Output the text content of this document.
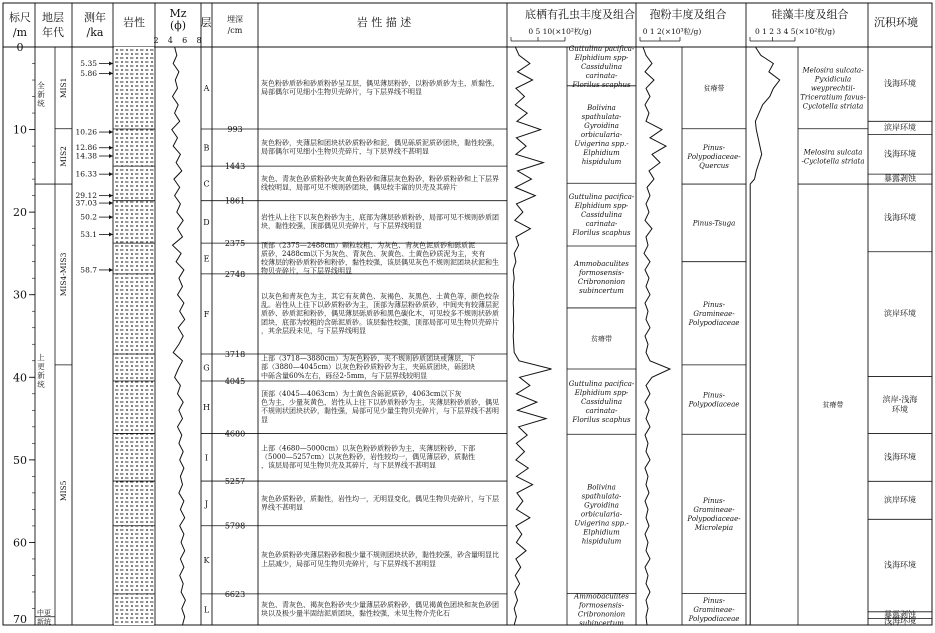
标尺
/m
地层
年代
测年
/ka
岩性
Mz
(ϕ) 层 埋深
/cm
岩 性 描 述
底栖有孔虫丰度及组合
0 5 10(×10²枚/g)
孢粉丰度及组合
0 1 2(×10³粒/g)
硅藻丰度及组合
0 1 2 3 4 5(×10²枚/g)
沉积环境
0
10
20
30
40
50
60
70
全新统
上更新统
中更
新统
MIS1
MIS2
MIS4-MIS3
MIS5
5.35
5.86
10.26
12.86
14.38
16.33
29.12
37.03
50.2
53.1
58.7
2 4 6 8
A
993
灰色粉砂质砂和砂质粉砂呈互层，偶见薄层粉砂，以粉砂质砂为主，质黏性，
局部偶尔可见细小生物贝壳碎片，与下层界线不明显
B
1443
灰色粉砂，夹薄层和团块状砂质粉砂和泥，偶见砾质泥质砂团块，黏性较强，
局部偶尔可见细小生物贝壳碎片，与下层界线不甚明显
C
1861
灰色、青灰色砂质粉砂夹灰黄色粉砂和薄层灰色粉砂，粉砂质粉砂和上下层界
线较明显，局部可见不规则砂团块，偶见较丰富的贝壳及其碎片
D
2375
岩性从上往下以灰色粉砂为主，底部为薄层砂质粉砂，局部可见不规则砂质团
块，黏性较强，顶部偶见贝壳碎片，与下层界线明显
E
2748
顶部（2375—2488cm）颗粒较粗，为灰色、青灰色泥质砂和砾质泥
质砂，2488cm以下为灰色、青灰色、灰黄色、土黄色砂质泥为主，夹有
较薄层的粉砂质粉砂和粉砂，黏性较强，该层偶见灰色不规则泥团块状泥和生
物贝壳碎片，与下层界线明显
F
3718
以灰色和青灰色为主，其它有灰黄色、灰褐色、灰黑色、土黄色等，颜色较杂
乱。岩性从上往下以砂质粉砂为主，顶部为薄层粉砂质砂，中间夹有较薄层泥
质砂、砂质泥和粉砂，偶见薄层砾质砂和黑色碳化木，可见较多不规则状砂质
团块，底部为较粗的含砾泥质砂。该层黏性较强，顶部局部可见生物贝壳碎片
，其余层段未见，与下层界线明显
G
4045
上部（3718—3880cm）为灰色粉砂，夹不规则砂质团块或薄层，下
部（3880—4045cm）以灰色粉砂质粉砂为主，夹砾质团块，砾团块
中砾含量60%左右，砾径2-5mm，与下层界线较明显
H
4680
顶部（4045—4063cm）为土黄色含砾泥质砂，4063cm以下灰
色为主，少量灰黄色，岩性从上往下以砂质粉砂为主，夹薄层粉砂质砂，偶见
不规则状团块状砂，黏性强，局部可见少量生物贝壳碎片，与下层界线不甚明
显
I
5257
上部（4680—5000cm）以灰色粉砂质粉砂为主，夹薄层粉砂，下部
（5000—5257cm）以灰色粉砂，岩性较均一，偶见薄层砂，质黏性
，该层局部可见生物贝壳及其碎片，与下层界线不甚明显
J
5798
灰色砂质粉砂，质黏性，岩性均一，无明显变化，偶见生物贝壳碎片，与下层
界线不甚明显
K
6623
灰色砂质粉砂夹薄层粉砂和极少量不规则团块状砂，黏性较强，砂含量明显比
上层减少，局部可见生物贝壳碎片，与下层界线不甚明显
L
灰色、青灰色、褐灰色粉砂夹少量薄层砂质粉砂，偶见褐黄色团块和灰色砂团
块以及极少量半固结泥质团块，黏性较强，未见生物介壳化石
Guttulina pacifica-
Elphidium spp-
Cassidulina
carinata-
Florilus scaphus
Bolivina
spathulata-
Gyroidina
orbicularia-
Uvigerina spp.-
Elphidium
hispidulum
Guttulina pacifica-
Elphidium spp-
Cassidulina
carinata-
Florilus scaphus
Ammobaculites
formosensis-
Cribrononion
subincertum
贫瘠带
Guttulina pacifica-
Elphidium spp-
Cassidulina
carinata-
Florilus scaphus
Bolivina
spathulata-
Gyroidina
orbicularia-
Uvigerina spp.-
Elphidium
hispidulum
Ammobaculites
formosensis-
Cribrononion
subincertum
贫瘠带
Pinus-
Polypodiaceae-
Quercus
Pinus-Tsuga
Pinus-
Gramineae-
Polypodiaceae
Pinus-
Polypodiaceae
Pinus-
Gramineae-
Polypodiaceae-
Microlepia
Pinus-
Gramineae-
Polypodiaceae
Melosira sulcata-
Pyxidicula
weyprechtii-
Triceratium favus-
Cyclotella striata
Melosira sulcata
-Cyclotella striata
贫瘠带
浅海环境
滨岸环境
浅海环境
暴露剥蚀
浅海环境
滨岸环境
滨岸-浅海
环境
浅海环境
滨岸环境
浅海环境
暴露剥蚀
浅海环境
